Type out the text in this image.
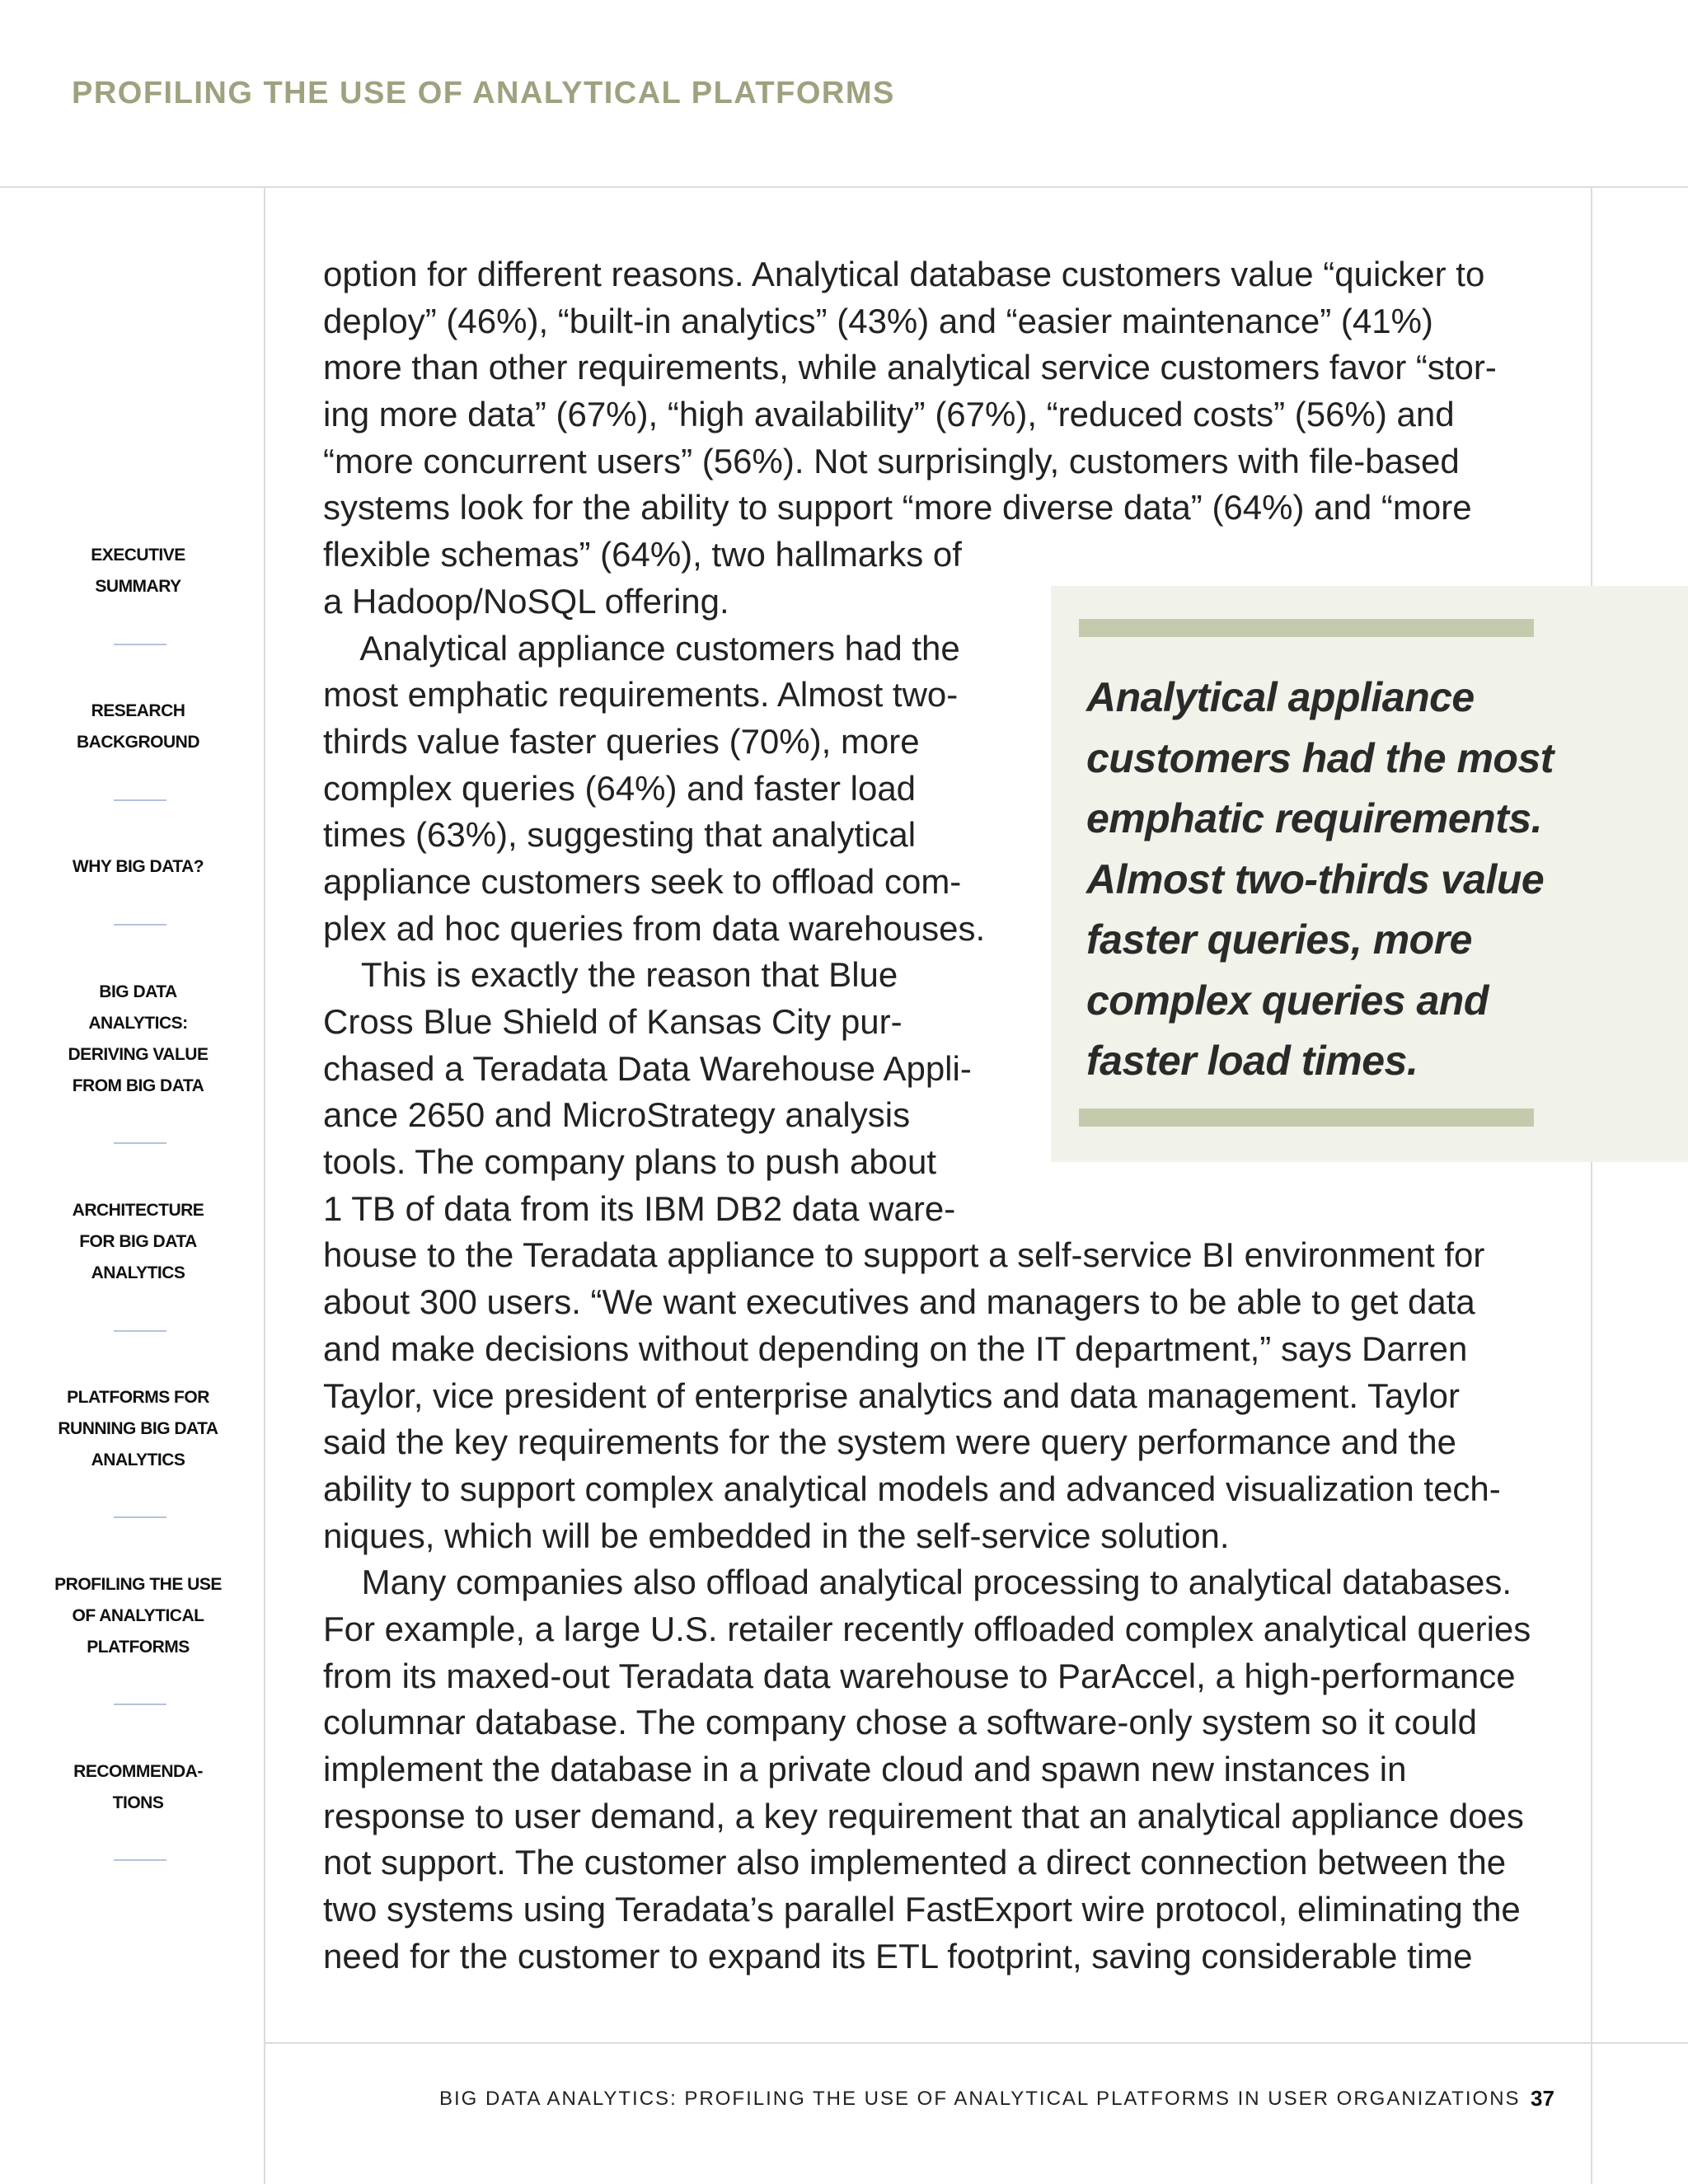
PROFILING THE USE OF ANALYTICAL PLATFORMS
EXECUTIVE
SUMMARY
RESEARCH
BACKGROUND
WHY BIG DATA?
BIG DATA
ANALYTICS:
DERIVING VALUE
FROM BIG DATA
ARCHITECTURE
FOR BIG DATA
ANALYTICS
PLATFORMS FOR
RUNNING BIG DATA
ANALYTICS
PROFILING THE USE
OF ANALYTICAL
PLATFORMS
RECOMMENDA-
TIONS
Analytical appliance
customers had the most
emphatic requirements.
Almost two-thirds value
faster queries, more
complex queries and
faster load times.
option for different reasons. Analytical database customers value “quicker to
deploy” (46%), “built-in analytics” (43%) and “easier maintenance” (41%)
more than other requirements, while analytical service customers favor “stor-
ing more data” (67%), “high availability” (67%), “reduced costs” (56%) and
“more concurrent users” (56%). Not surprisingly, customers with file-based
systems look for the ability to support “more diverse data” (64%) and “more
flexible schemas” (64%), two hallmarks of
a Hadoop/NoSQL offering.
Analytical appliance customers had the
most emphatic requirements. Almost two-
thirds value faster queries (70%), more
complex queries (64%) and faster load
times (63%), suggesting that analytical
appliance customers seek to offload com-
plex ad hoc queries from data warehouses.
This is exactly the reason that Blue
Cross Blue Shield of Kansas City pur-
chased a Teradata Data Warehouse Appli-
ance 2650 and MicroStrategy analysis
tools. The company plans to push about
1 TB of data from its IBM DB2 data ware-
house to the Teradata appliance to support a self-service BI environment for
about 300 users. “We want executives and managers to be able to get data
and make decisions without depending on the IT department,” says Darren
Taylor, vice president of enterprise analytics and data management. Taylor
said the key requirements for the system were query performance and the
ability to support complex analytical models and advanced visualization tech-
niques, which will be embedded in the self-service solution.
Many companies also offload analytical processing to analytical databases.
For example, a large U.S. retailer recently offloaded complex analytical queries
from its maxed-out Teradata data warehouse to ParAccel, a high-performance
columnar database. The company chose a software-only system so it could
implement the database in a private cloud and spawn new instances in
response to user demand, a key requirement that an analytical appliance does
not support. The customer also implemented a direct connection between the
two systems using Teradata’s parallel FastExport wire protocol, eliminating the
need for the customer to expand its ETL footprint, saving considerable time
BIG DATA ANALYTICS: PROFILING THE USE OF ANALYTICAL PLATFORMS IN USER ORGANIZATIONS 37
